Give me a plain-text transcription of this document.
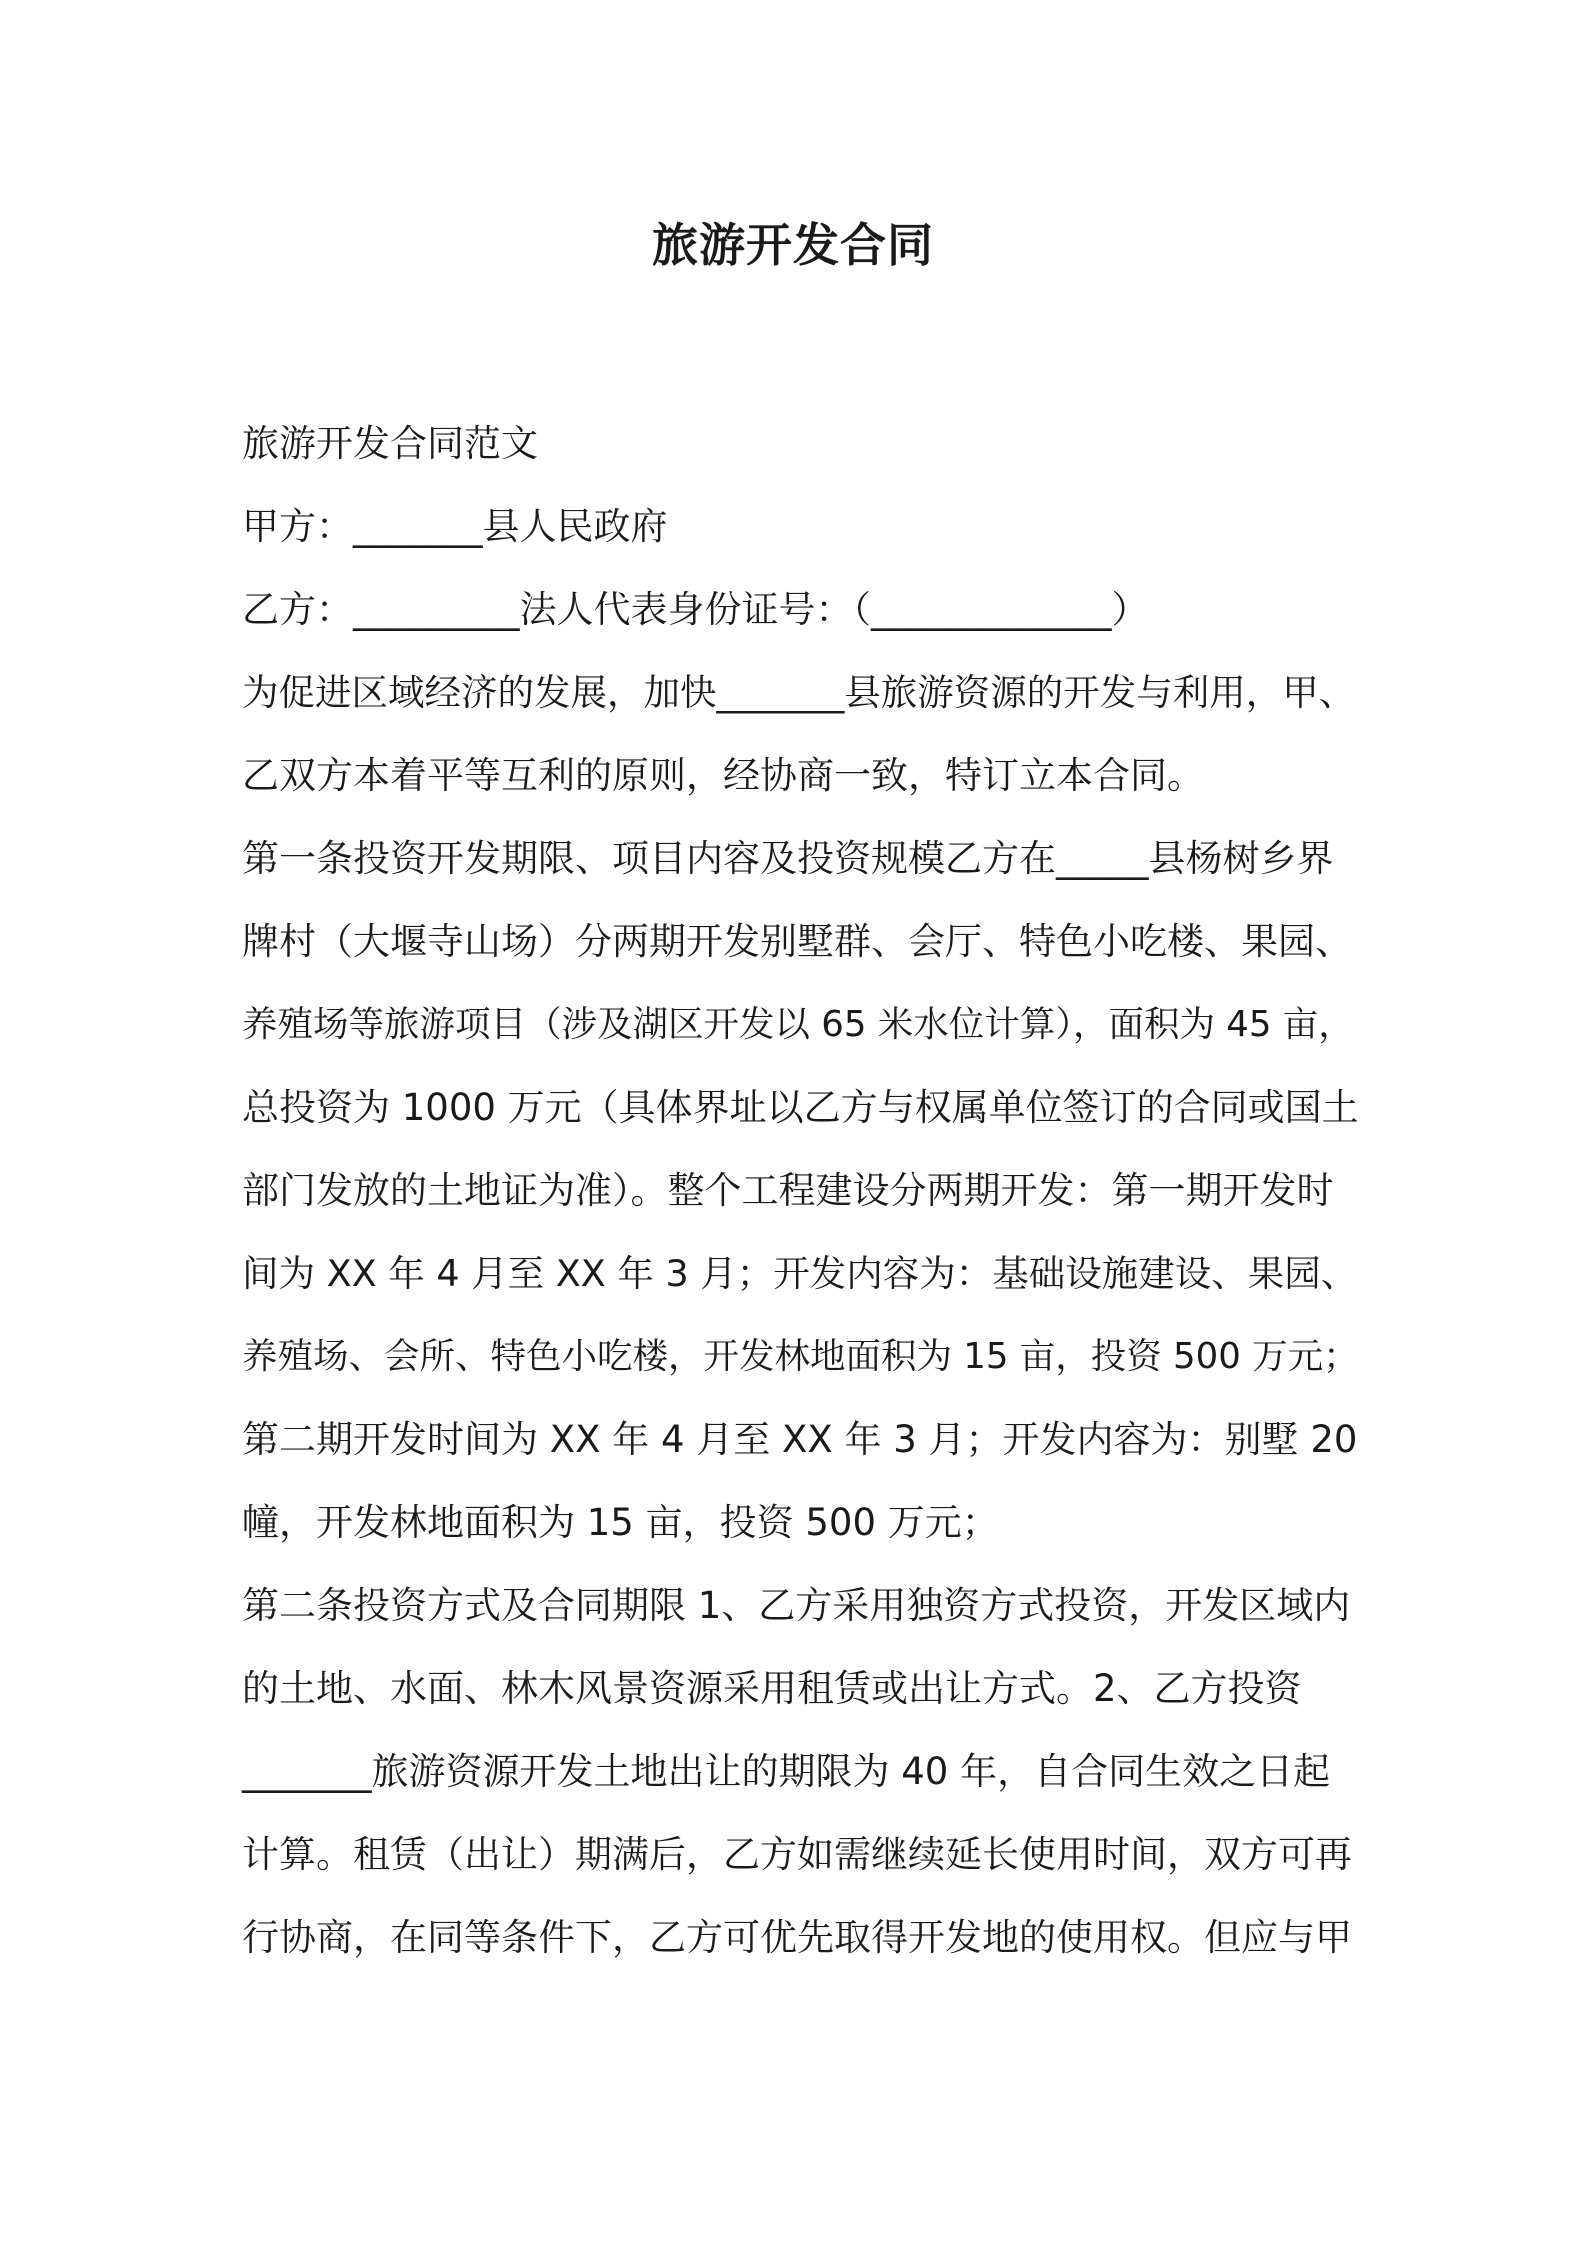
旅游开发合同
旅游开发合同范文
甲方：_______县人民政府
乙方：_________法人代表身份证号：（_____________）
为促进区域经济的发展，加快_______县旅游资源的开发与利用，甲、
乙双方本着平等互利的原则，经协商一致，特订立本合同。
第一条投资开发期限、项目内容及投资规模乙方在_____县杨树乡界
牌村（大堰寺山场）分两期开发别墅群、会厅、特色小吃楼、果园、
养殖场等旅游项目（涉及湖区开发以 65 米水位计算），面积为 45 亩，
总投资为 1000 万元（具体界址以乙方与权属单位签订的合同或国土
部门发放的土地证为准）。整个工程建设分两期开发：第一期开发时
间为 XX 年 4 月至 XX 年 3 月；开发内容为：基础设施建设、果园、
养殖场、会所、特色小吃楼，开发林地面积为 15 亩，投资 500 万元；
第二期开发时间为 XX 年 4 月至 XX 年 3 月；开发内容为：别墅 20
幢，开发林地面积为 15 亩，投资 500 万元；
第二条投资方式及合同期限 1、乙方采用独资方式投资，开发区域内
的土地、水面、林木风景资源采用租赁或出让方式。2、乙方投资
_______旅游资源开发土地出让的期限为 40 年，自合同生效之日起
计算。租赁（出让）期满后，乙方如需继续延长使用时间，双方可再
行协商，在同等条件下，乙方可优先取得开发地的使用权。但应与甲
